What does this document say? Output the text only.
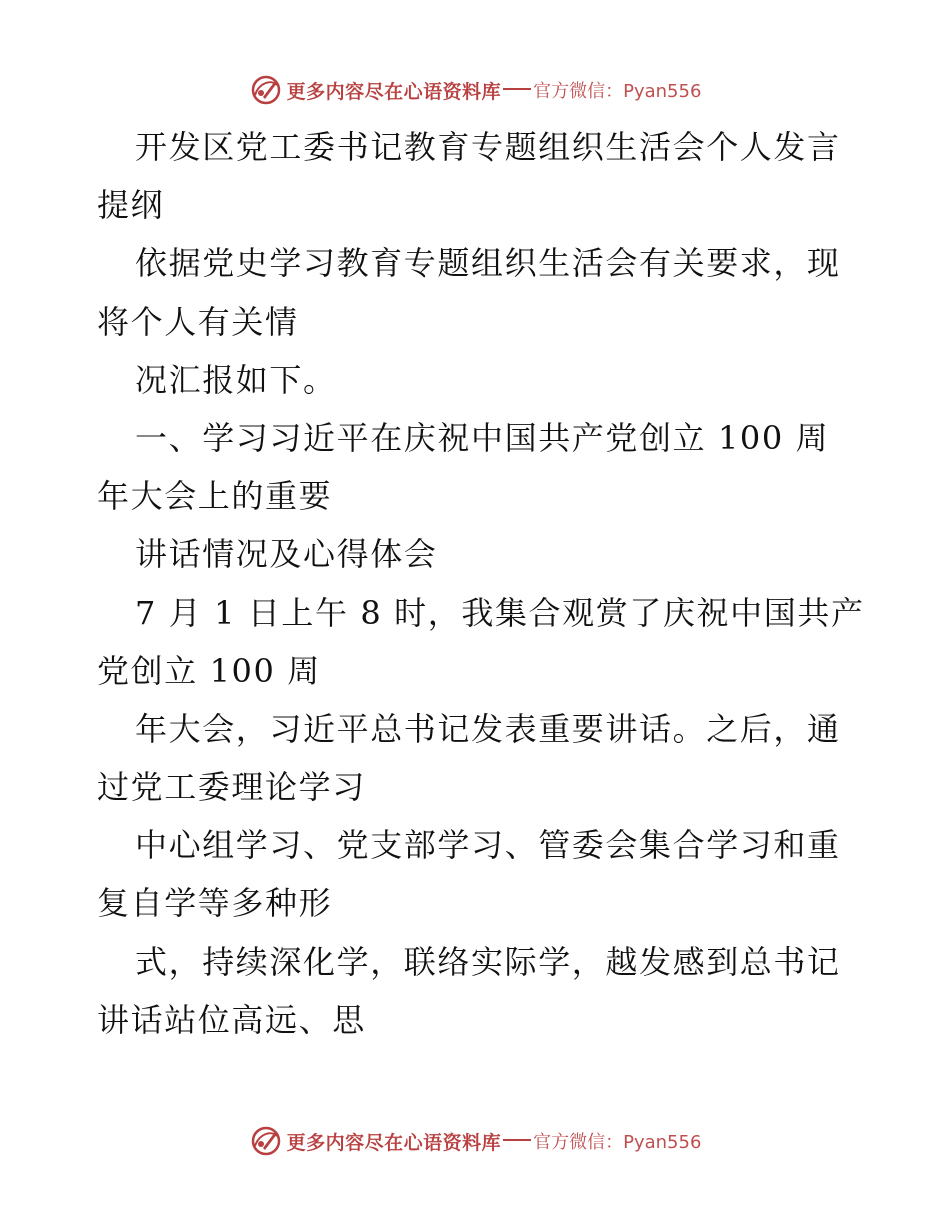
更多内容尽在心语资料库 官方微信：Pyan556
开发区党工委书记教育专题组织生活会个人发言
提纲
依据党史学习教育专题组织生活会有关要求，现
将个人有关情
况汇报如下。
一、学习习近平在庆祝中国共产党创立 100 周
年大会上的重要
讲话情况及心得体会
7 月 1 日上午 8 时，我集合观赏了庆祝中国共产
党创立 100 周
年大会，习近平总书记发表重要讲话。之后，通
过党工委理论学习
中心组学习、党支部学习、管委会集合学习和重
复自学等多种形
式，持续深化学，联络实际学，越发感到总书记
讲话站位高远、思
更多内容尽在心语资料库 官方微信：Pyan556
